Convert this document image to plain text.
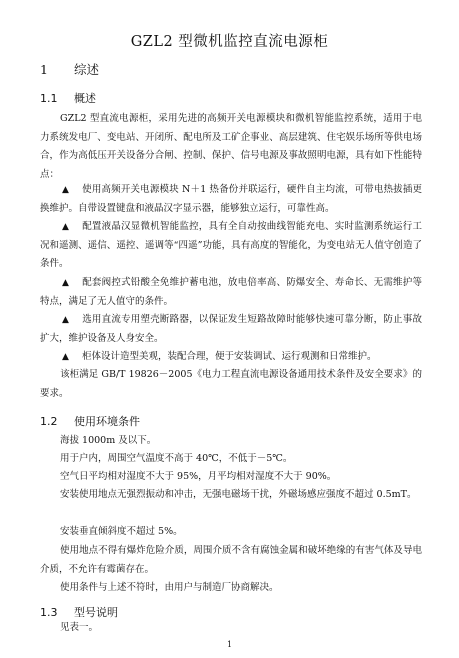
GZL2 型微机监控直流电源柜
1 综述
1.1 概述
GZL2 型直流电源柜，采用先进的高频开关电源模块和微机智能监控系统，适用于电力系统发电厂、变电站、开闭所、配电所及工矿企事业、高层建筑、住宅娱乐场所等供电场合，作为高低压开关设备分合闸、控制、保护、信号电源及事故照明电源，具有如下性能特点：
▲ 使用高频开关电源模块 N＋1 热备份并联运行，硬件自主均流，可带电热拔插更换维护。自带设置键盘和液晶汉字显示器，能够独立运行，可靠性高。
▲ 配置液晶汉显微机智能监控，具有全自动按曲线智能充电、实时监测系统运行工况和遥测、遥信、遥控、遥调等“四遥”功能，具有高度的智能化，为变电站无人值守创造了条件。
▲ 配套阀控式铅酸全免维护蓄电池，放电倍率高、防爆安全、寿命长、无需维护等特点，满足了无人值守的条件。
▲ 选用直流专用塑壳断路器，以保证发生短路故障时能够快速可靠分断，防止事故扩大，维护设备及人身安全。
▲ 柜体设计造型美观，装配合理，便于安装调试、运行观测和日常维护。
该柜满足 GB/T 19826－2005《电力工程直流电源设备通用技术条件及安全要求》的要求。
1.2 使用环境条件
海拔 1000m 及以下。
用于户内，周围空气温度不高于 40℃，不低于－5℃。
空气日平均相对湿度不大于 95%，月平均相对湿度不大于 90%。
安装使用地点无强烈振动和冲击，无强电磁场干扰，外磁场感应强度不超过 0.5mT。
安装垂直倾斜度不超过 5%。
使用地点不得有爆炸危险介质，周围介质不含有腐蚀金属和破坏绝缘的有害气体及导电介质，不允许有霉菌存在。
使用条件与上述不符时，由用户与制造厂协商解决。
1.3 型号说明
见表一。
1
